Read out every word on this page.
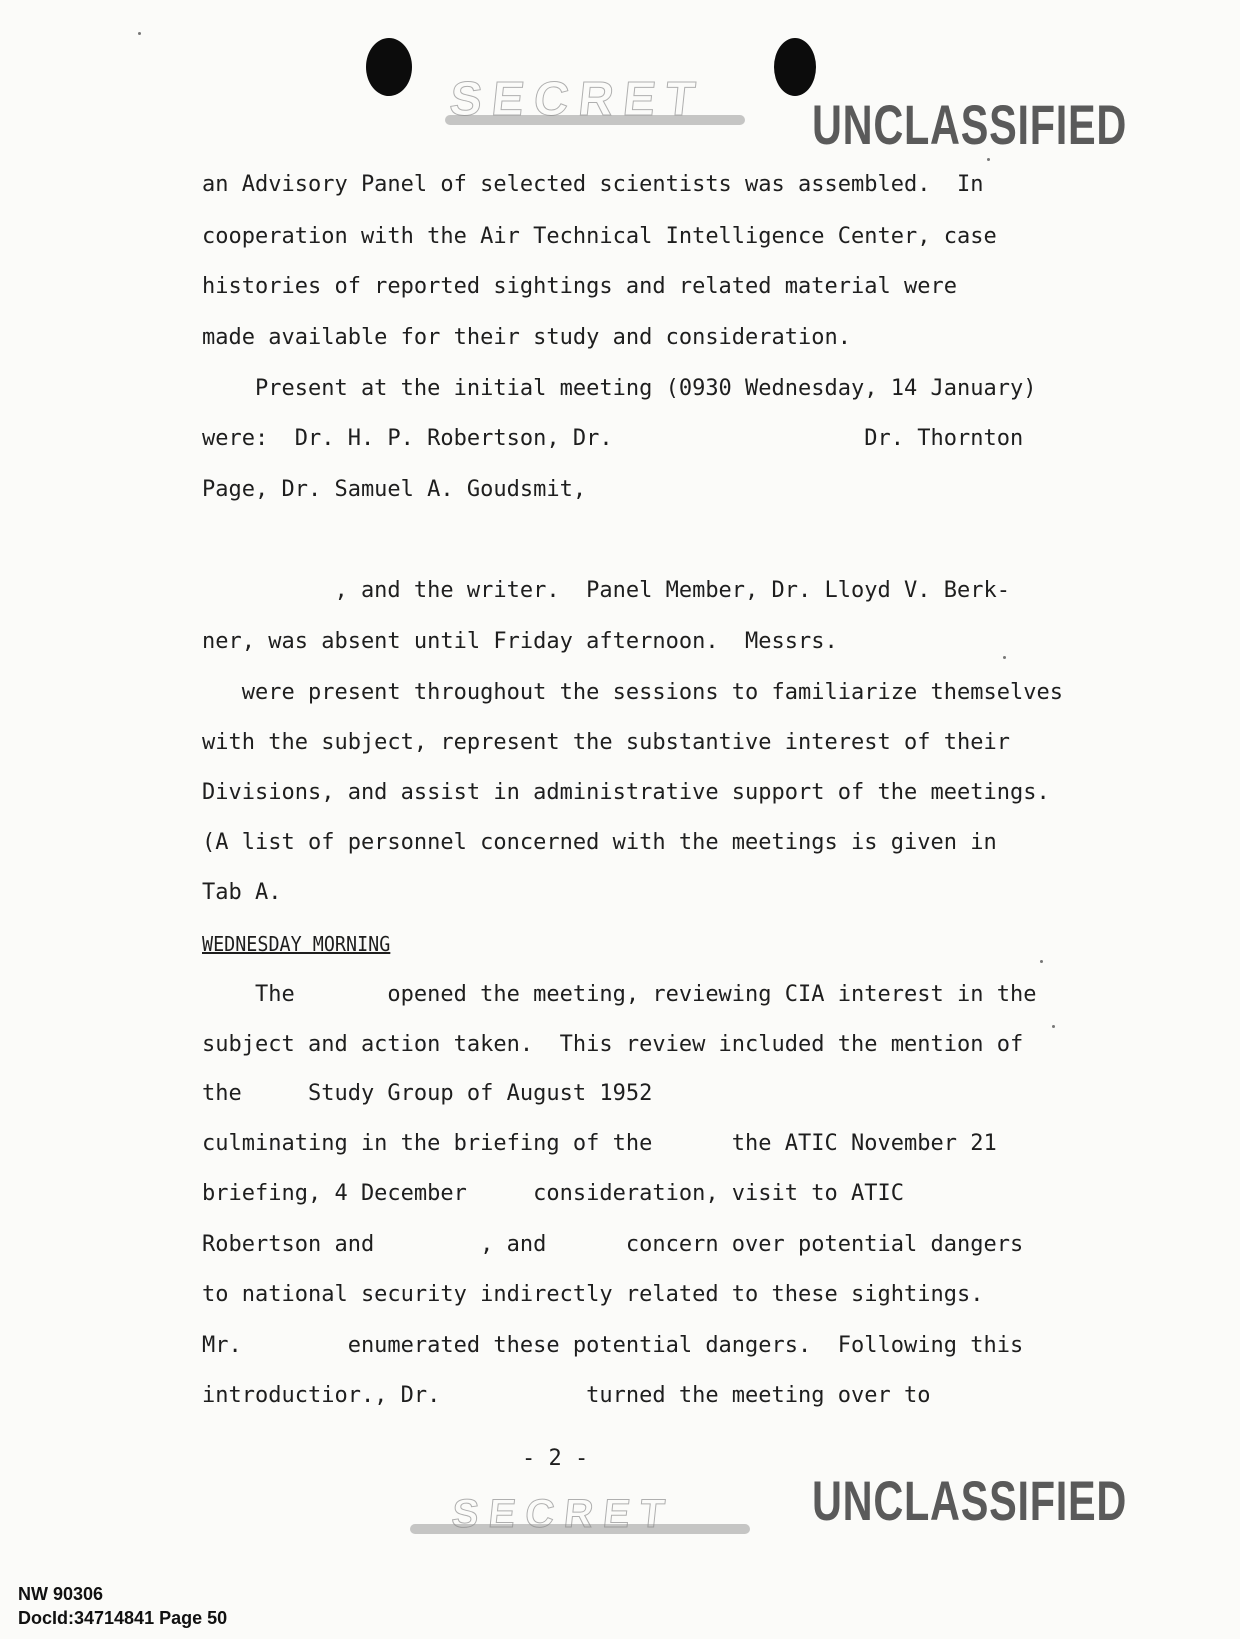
SECRET UNCLASSIFIED
an Advisory Panel of selected scientists was assembled.  In
cooperation with the Air Technical Intelligence Center, case
histories of reported sightings and related material were
made available for their study and consideration.
Present at the initial meeting (0930 Wednesday, 14 January)
were:  Dr. H. P. Robertson, Dr.                   Dr. Thornton
Page, Dr. Samuel A. Goudsmit,
, and the writer.  Panel Member, Dr. Lloyd V. Berk-
ner, was absent until Friday afternoon.  Messrs.
were present throughout the sessions to familiarize themselves
with the subject, represent the substantive interest of their
Divisions, and assist in administrative support of the meetings.
(A list of personnel concerned with the meetings is given in
Tab A.
WEDNESDAY MORNING
The       opened the meeting, reviewing CIA interest in the
subject and action taken.  This review included the mention of
the     Study Group of August 1952
culminating in the briefing of the      the ATIC November 21
briefing, 4 December     consideration, visit to ATIC
Robertson and        , and      concern over potential dangers
to national security indirectly related to these sightings.
Mr.        enumerated these potential dangers.  Following this
introductior., Dr.           turned the meeting over to
- 2 -
SECRET UNCLASSIFIED
NW 90306
DocId:34714841 Page 50
